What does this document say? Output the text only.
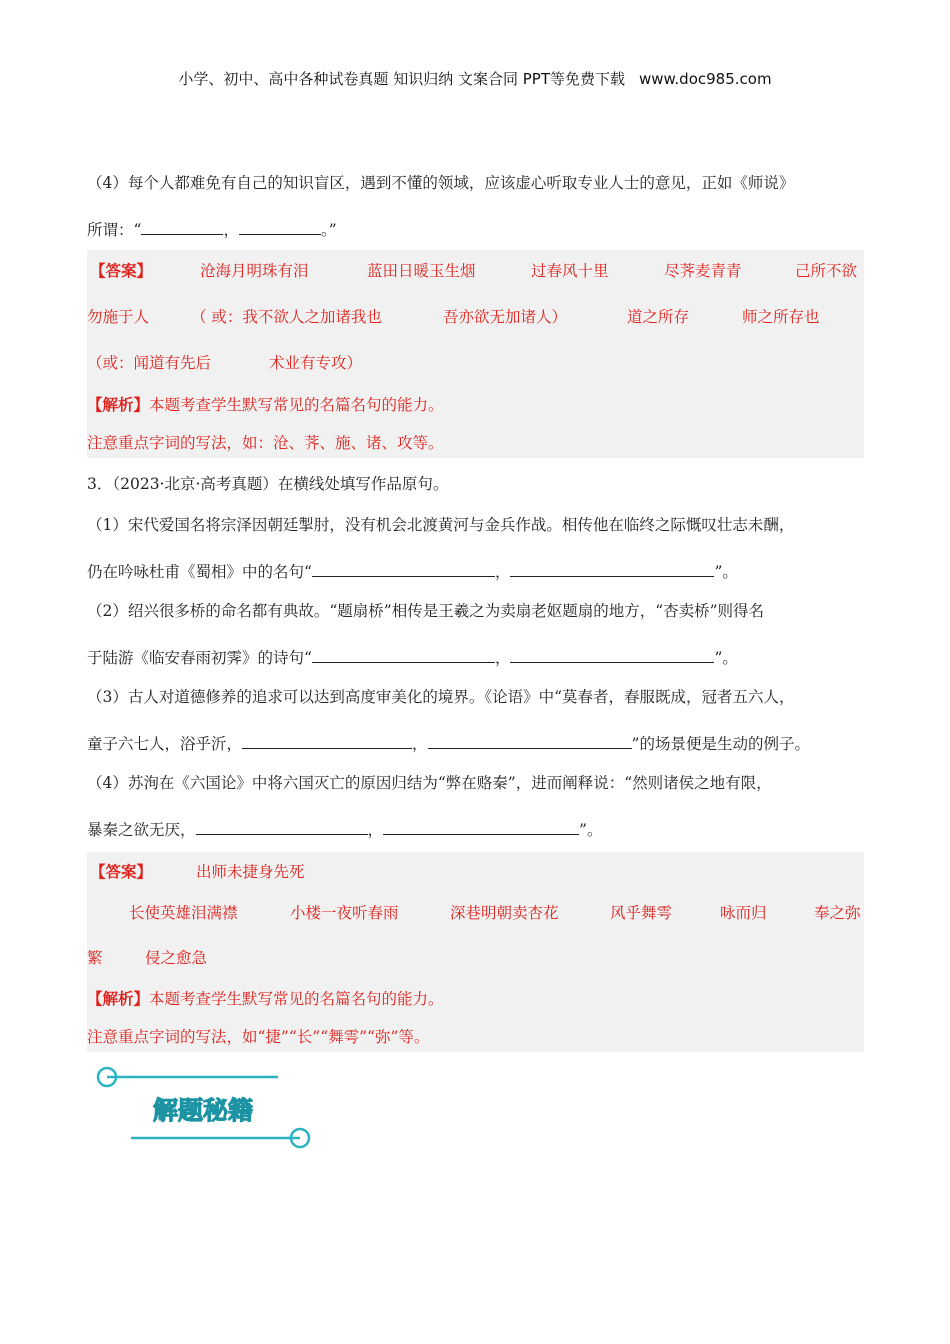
小学、初中、高中各种试卷真题 知识归纳 文案合同 PPT等免费下载 www.doc985.com
（4）每个人都难免有自己的知识盲区，遇到不懂的领域，应该虚心听取专业人士的意见，正如《师说》
所谓：“	，	。”
【答案】	沧海月明珠有泪	蓝田日暖玉生烟	过春风十里	尽荠麦青青	己所不欲
勿施于人	（ 或：我不欲人之加诸我也	吾亦欲无加诸人）	道之所存	师之所存也
（或：闻道有先后	术业有专攻）
【解析】本题考查学生默写常见的名篇名句的能力。
注意重点字词的写法，如：沧、荠、施、诸、攻等。
3．（2023·北京·高考真题）在横线处填写作品原句。
（1）宋代爱国名将宗泽因朝廷掣肘，没有机会北渡黄河与金兵作战。相传他在临终之际慨叹壮志未酬，
仍在吟咏杜甫《蜀相》中的名句“	，	”。
（2）绍兴很多桥的命名都有典故。“题扇桥”相传是王羲之为卖扇老妪题扇的地方，“杏卖桥”则得名
于陆游《临安春雨初霁》的诗句“	，	”。
（3）古人对道德修养的追求可以达到高度审美化的境界。《论语》中“莫春者，春服既成，冠者五六人，
童子六七人，浴乎沂，	，	”的场景便是生动的例子。
（4）苏洵在《六国论》中将六国灭亡的原因归结为“弊在赂秦”，进而阐释说：“然则诸侯之地有限，
暴秦之欲无厌，	，	”。
【答案】	出师未捷身先死
长使英雄泪满襟	小楼一夜听春雨	深巷明朝卖杏花	风乎舞雩	咏而归	奉之弥
繁	侵之愈急
【解析】本题考查学生默写常见的名篇名句的能力。
注意重点字词的写法，如“捷”“长”“舞雩”“弥”等。
解题秘籍
